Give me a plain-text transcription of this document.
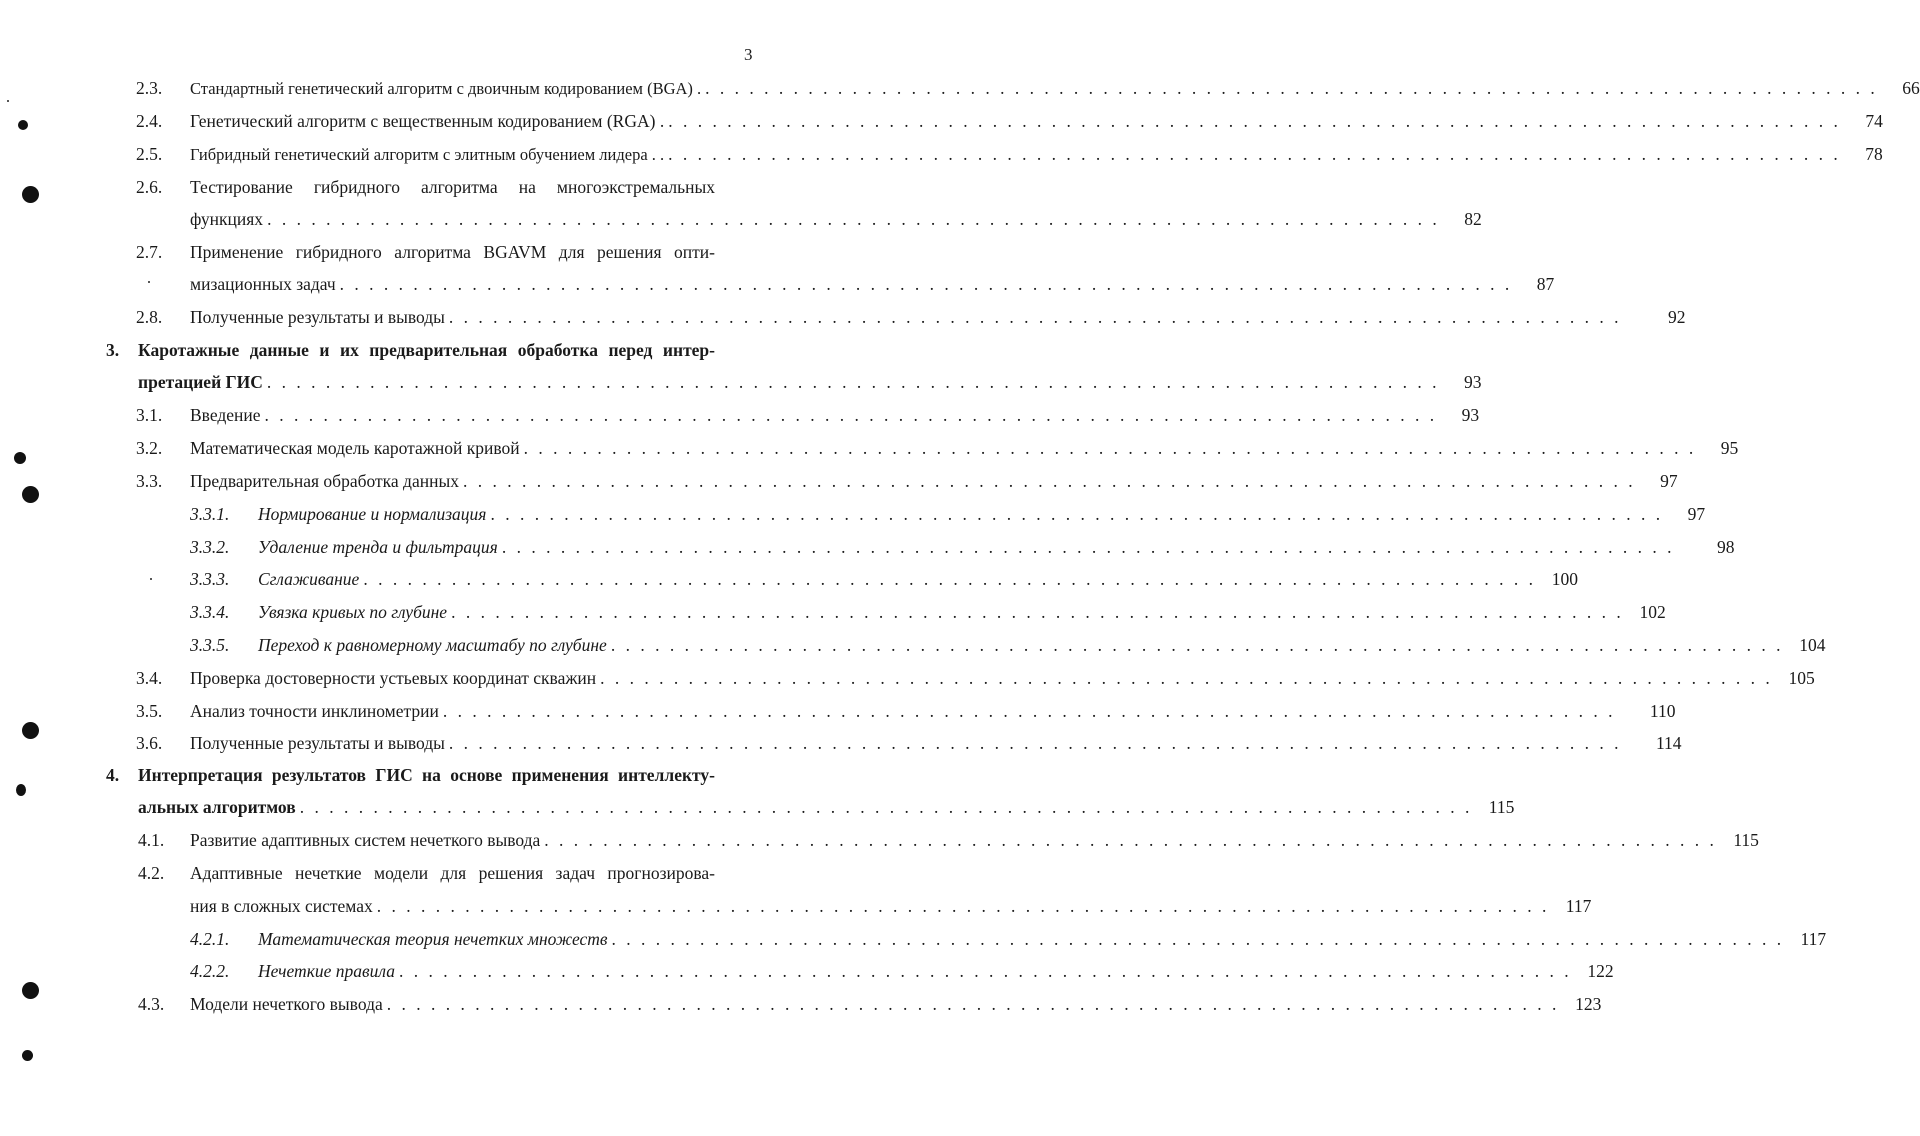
3
2.3. Стандартный генетический алгоритм с двоичным кодированием (BGA) . . . . . . . . . . . . . . . . . . . . . . . . . . . . . . . . . . . . . . . . . . . . . . . . . . . . . . . . . . . . . . . . . . . . . . . . . . . . . . . . .	66
2.4. Генетический алгоритм с вещественным кодированием (RGA) . . . . . . . . . . . . . . . . . . . . . . . . . . . . . . . . . . . . . . . . . . . . . . . . . . . . . . . . . . . . . . . . . . . . . . . . . . . . . . . . .	74
2.5. Гибридный генетический алгоритм с элитным обучением лидера . . . . . . . . . . . . . . . . . . . . . . . . . . . . . . . . . . . . . . . . . . . . . . . . . . . . . . . . . . . . . . . . . . . . . . . . . . . . . . . . . .	78
2.6. Тестирование гибридного алгоритма на многоэкстремальных
функциях . . . . . . . . . . . . . . . . . . . . . . . . . . . . . . . . . . . . . . . . . . . . . . . . . . . . . . . . . . . . . . . . . . . . . . . . . . . . . . . .	82
2.7. Применение гибридного алгоритма BGAVM для решения опти-
мизационных задач . . . . . . . . . . . . . . . . . . . . . . . . . . . . . . . . . . . . . . . . . . . . . . . . . . . . . . . . . . . . . . . . . . . . . . . . . . . . . . . .	87
2.8. Полученные результаты и выводы . . . . . . . . . . . . . . . . . . . . . . . . . . . . . . . . . . . . . . . . . . . . . . . . . . . . . . . . . . . . . . . . . . . . . . . . . . . . . . . .	92
3. Каротажные данные и их предварительная обработка перед интер-
претацией ГИС . . . . . . . . . . . . . . . . . . . . . . . . . . . . . . . . . . . . . . . . . . . . . . . . . . . . . . . . . . . . . . . . . . . . . . . . . . . . . . . .	93
3.1. Введение . . . . . . . . . . . . . . . . . . . . . . . . . . . . . . . . . . . . . . . . . . . . . . . . . . . . . . . . . . . . . . . . . . . . . . . . . . . . . . . .	93
3.2. Математическая модель каротажной кривой . . . . . . . . . . . . . . . . . . . . . . . . . . . . . . . . . . . . . . . . . . . . . . . . . . . . . . . . . . . . . . . . . . . . . . . . . . . . . . . .	95
3.3. Предварительная обработка данных . . . . . . . . . . . . . . . . . . . . . . . . . . . . . . . . . . . . . . . . . . . . . . . . . . . . . . . . . . . . . . . . . . . . . . . . . . . . . . . .	97
3.3.1. Нормирование и нормализация . . . . . . . . . . . . . . . . . . . . . . . . . . . . . . . . . . . . . . . . . . . . . . . . . . . . . . . . . . . . . . . . . . . . . . . . . . . . . . . .	97
3.3.2. Удаление тренда и фильтрация . . . . . . . . . . . . . . . . . . . . . . . . . . . . . . . . . . . . . . . . . . . . . . . . . . . . . . . . . . . . . . . . . . . . . . . . . . . . . . . .	98
3.3.3. Сглаживание . . . . . . . . . . . . . . . . . . . . . . . . . . . . . . . . . . . . . . . . . . . . . . . . . . . . . . . . . . . . . . . . . . . . . . . . . . . . . . . . 100
3.3.4. Увязка кривых по глубине . . . . . . . . . . . . . . . . . . . . . . . . . . . . . . . . . . . . . . . . . . . . . . . . . . . . . . . . . . . . . . . . . . . . . . . . . . . . . . . . 102
3.3.5. Переход к равномерному масштабу по глубине . . . . . . . . . . . . . . . . . . . . . . . . . . . . . . . . . . . . . . . . . . . . . . . . . . . . . . . . . . . . . . . . . . . . . . . . . . . . . . . . 104
3.4. Проверка достоверности устьевых координат скважин . . . . . . . . . . . . . . . . . . . . . . . . . . . . . . . . . . . . . . . . . . . . . . . . . . . . . . . . . . . . . . . . . . . . . . . . . . . . . . . . 105
3.5. Анализ точности инклинометрии . . . . . . . . . . . . . . . . . . . . . . . . . . . . . . . . . . . . . . . . . . . . . . . . . . . . . . . . . . . . . . . . . . . . . . . . . . . . . . . .	110
3.6. Полученные результаты и выводы . . . . . . . . . . . . . . . . . . . . . . . . . . . . . . . . . . . . . . . . . . . . . . . . . . . . . . . . . . . . . . . . . . . . . . . . . . . . . . . .	114
4. Интерпретация результатов ГИС на основе применения интеллекту-
альных алгоритмов . . . . . . . . . . . . . . . . . . . . . . . . . . . . . . . . . . . . . . . . . . . . . . . . . . . . . . . . . . . . . . . . . . . . . . . . . . . . . . . . 115
4.1. Развитие адаптивных систем нечеткого вывода . . . . . . . . . . . . . . . . . . . . . . . . . . . . . . . . . . . . . . . . . . . . . . . . . . . . . . . . . . . . . . . . . . . . . . . . . . . . . . . . 115
4.2. Адаптивные нечеткие модели для решения задач прогнозирова-
ния в сложных системах . . . . . . . . . . . . . . . . . . . . . . . . . . . . . . . . . . . . . . . . . . . . . . . . . . . . . . . . . . . . . . . . . . . . . . . . . . . . . . . . 117
4.2.1. Математическая теория нечетких множеств . . . . . . . . . . . . . . . . . . . . . . . . . . . . . . . . . . . . . . . . . . . . . . . . . . . . . . . . . . . . . . . . . . . . . . . . . . . . . . . . 117
4.2.2. Нечеткие правила . . . . . . . . . . . . . . . . . . . . . . . . . . . . . . . . . . . . . . . . . . . . . . . . . . . . . . . . . . . . . . . . . . . . . . . . . . . . . . . . 122
4.3. Модели нечеткого вывода . . . . . . . . . . . . . . . . . . . . . . . . . . . . . . . . . . . . . . . . . . . . . . . . . . . . . . . . . . . . . . . . . . . . . . . . . . . . . . . . 123
